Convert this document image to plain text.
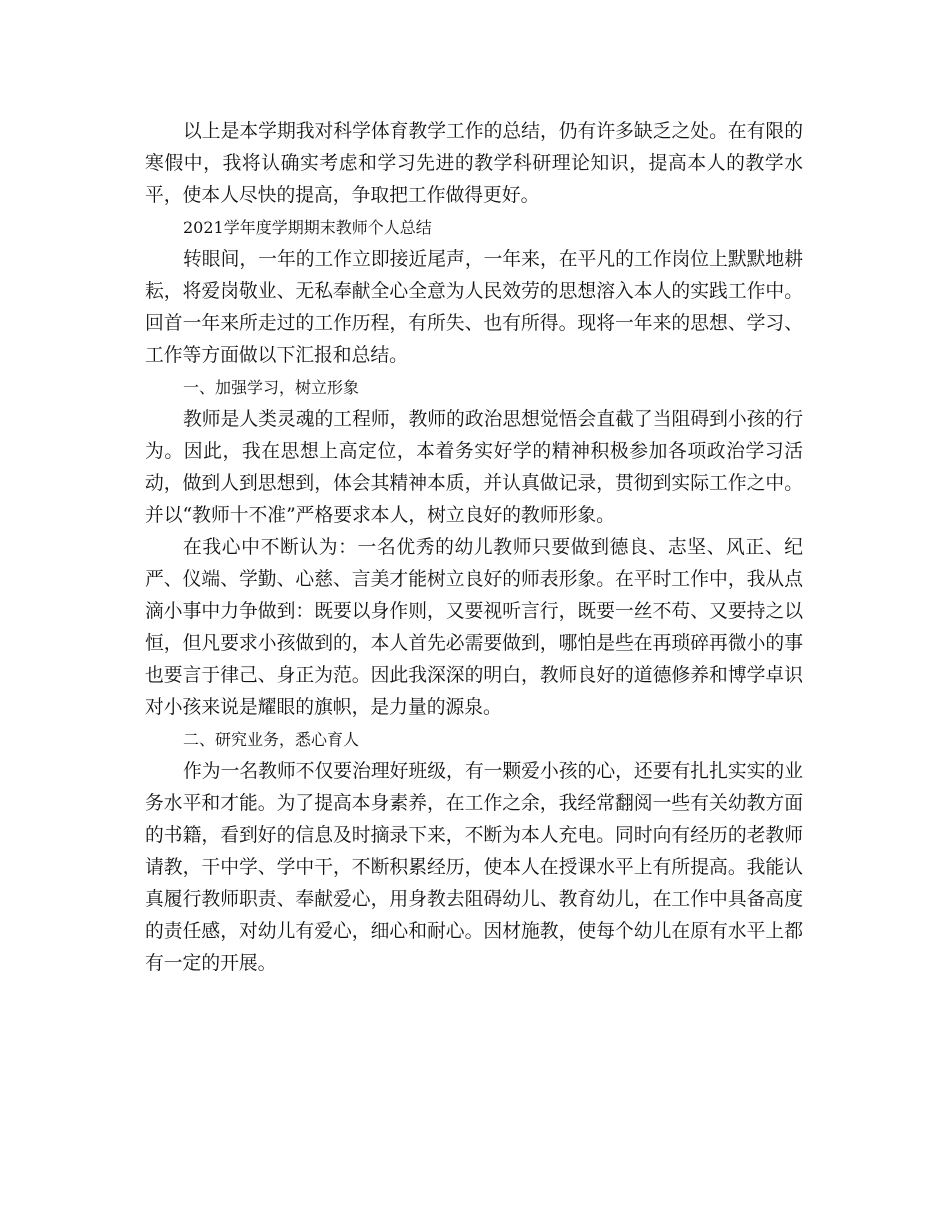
以上是本学期我对科学体育教学工作的总结，仍有许多缺乏之处。在有限的寒假中，我将认确实考虑和学习先进的教学科研理论知识，提高本人的教学水平，使本人尽快的提高，争取把工作做得更好。

2021学年度学期期末教师个人总结

转眼间，一年的工作立即接近尾声，一年来，在平凡的工作岗位上默默地耕耘，将爱岗敬业、无私奉献全心全意为人民效劳的思想溶入本人的实践工作中。回首一年来所走过的工作历程，有所失、也有所得。现将一年来的思想、学习、工作等方面做以下汇报和总结。

一、加强学习，树立形象

教师是人类灵魂的工程师，教师的政治思想觉悟会直截了当阻碍到小孩的行为。因此，我在思想上高定位，本着务实好学的精神积极参加各项政治学习活动，做到人到思想到，体会其精神本质，并认真做记录，贯彻到实际工作之中。并以“教师十不准”严格要求本人，树立良好的教师形象。

在我心中不断认为：一名优秀的幼儿教师只要做到德良、志坚、风正、纪严、仪端、学勤、心慈、言美才能树立良好的师表形象。在平时工作中，我从点滴小事中力争做到：既要以身作则，又要视听言行，既要一丝不苟、又要持之以恒，但凡要求小孩做到的，本人首先必需要做到，哪怕是些在再琐碎再微小的事也要言于律己、身正为范。因此我深深的明白，教师良好的道德修养和博学卓识对小孩来说是耀眼的旗帜，是力量的源泉。

二、研究业务，悉心育人

作为一名教师不仅要治理好班级，有一颗爱小孩的心，还要有扎扎实实的业务水平和才能。为了提高本身素养，在工作之余，我经常翻阅一些有关幼教方面的书籍，看到好的信息及时摘录下来，不断为本人充电。同时向有经历的老教师请教，干中学、学中干，不断积累经历，使本人在授课水平上有所提高。我能认真履行教师职责、奉献爱心，用身教去阻碍幼儿、教育幼儿，在工作中具备高度的责任感，对幼儿有爱心，细心和耐心。因材施教，使每个幼儿在原有水平上都有一定的开展。
